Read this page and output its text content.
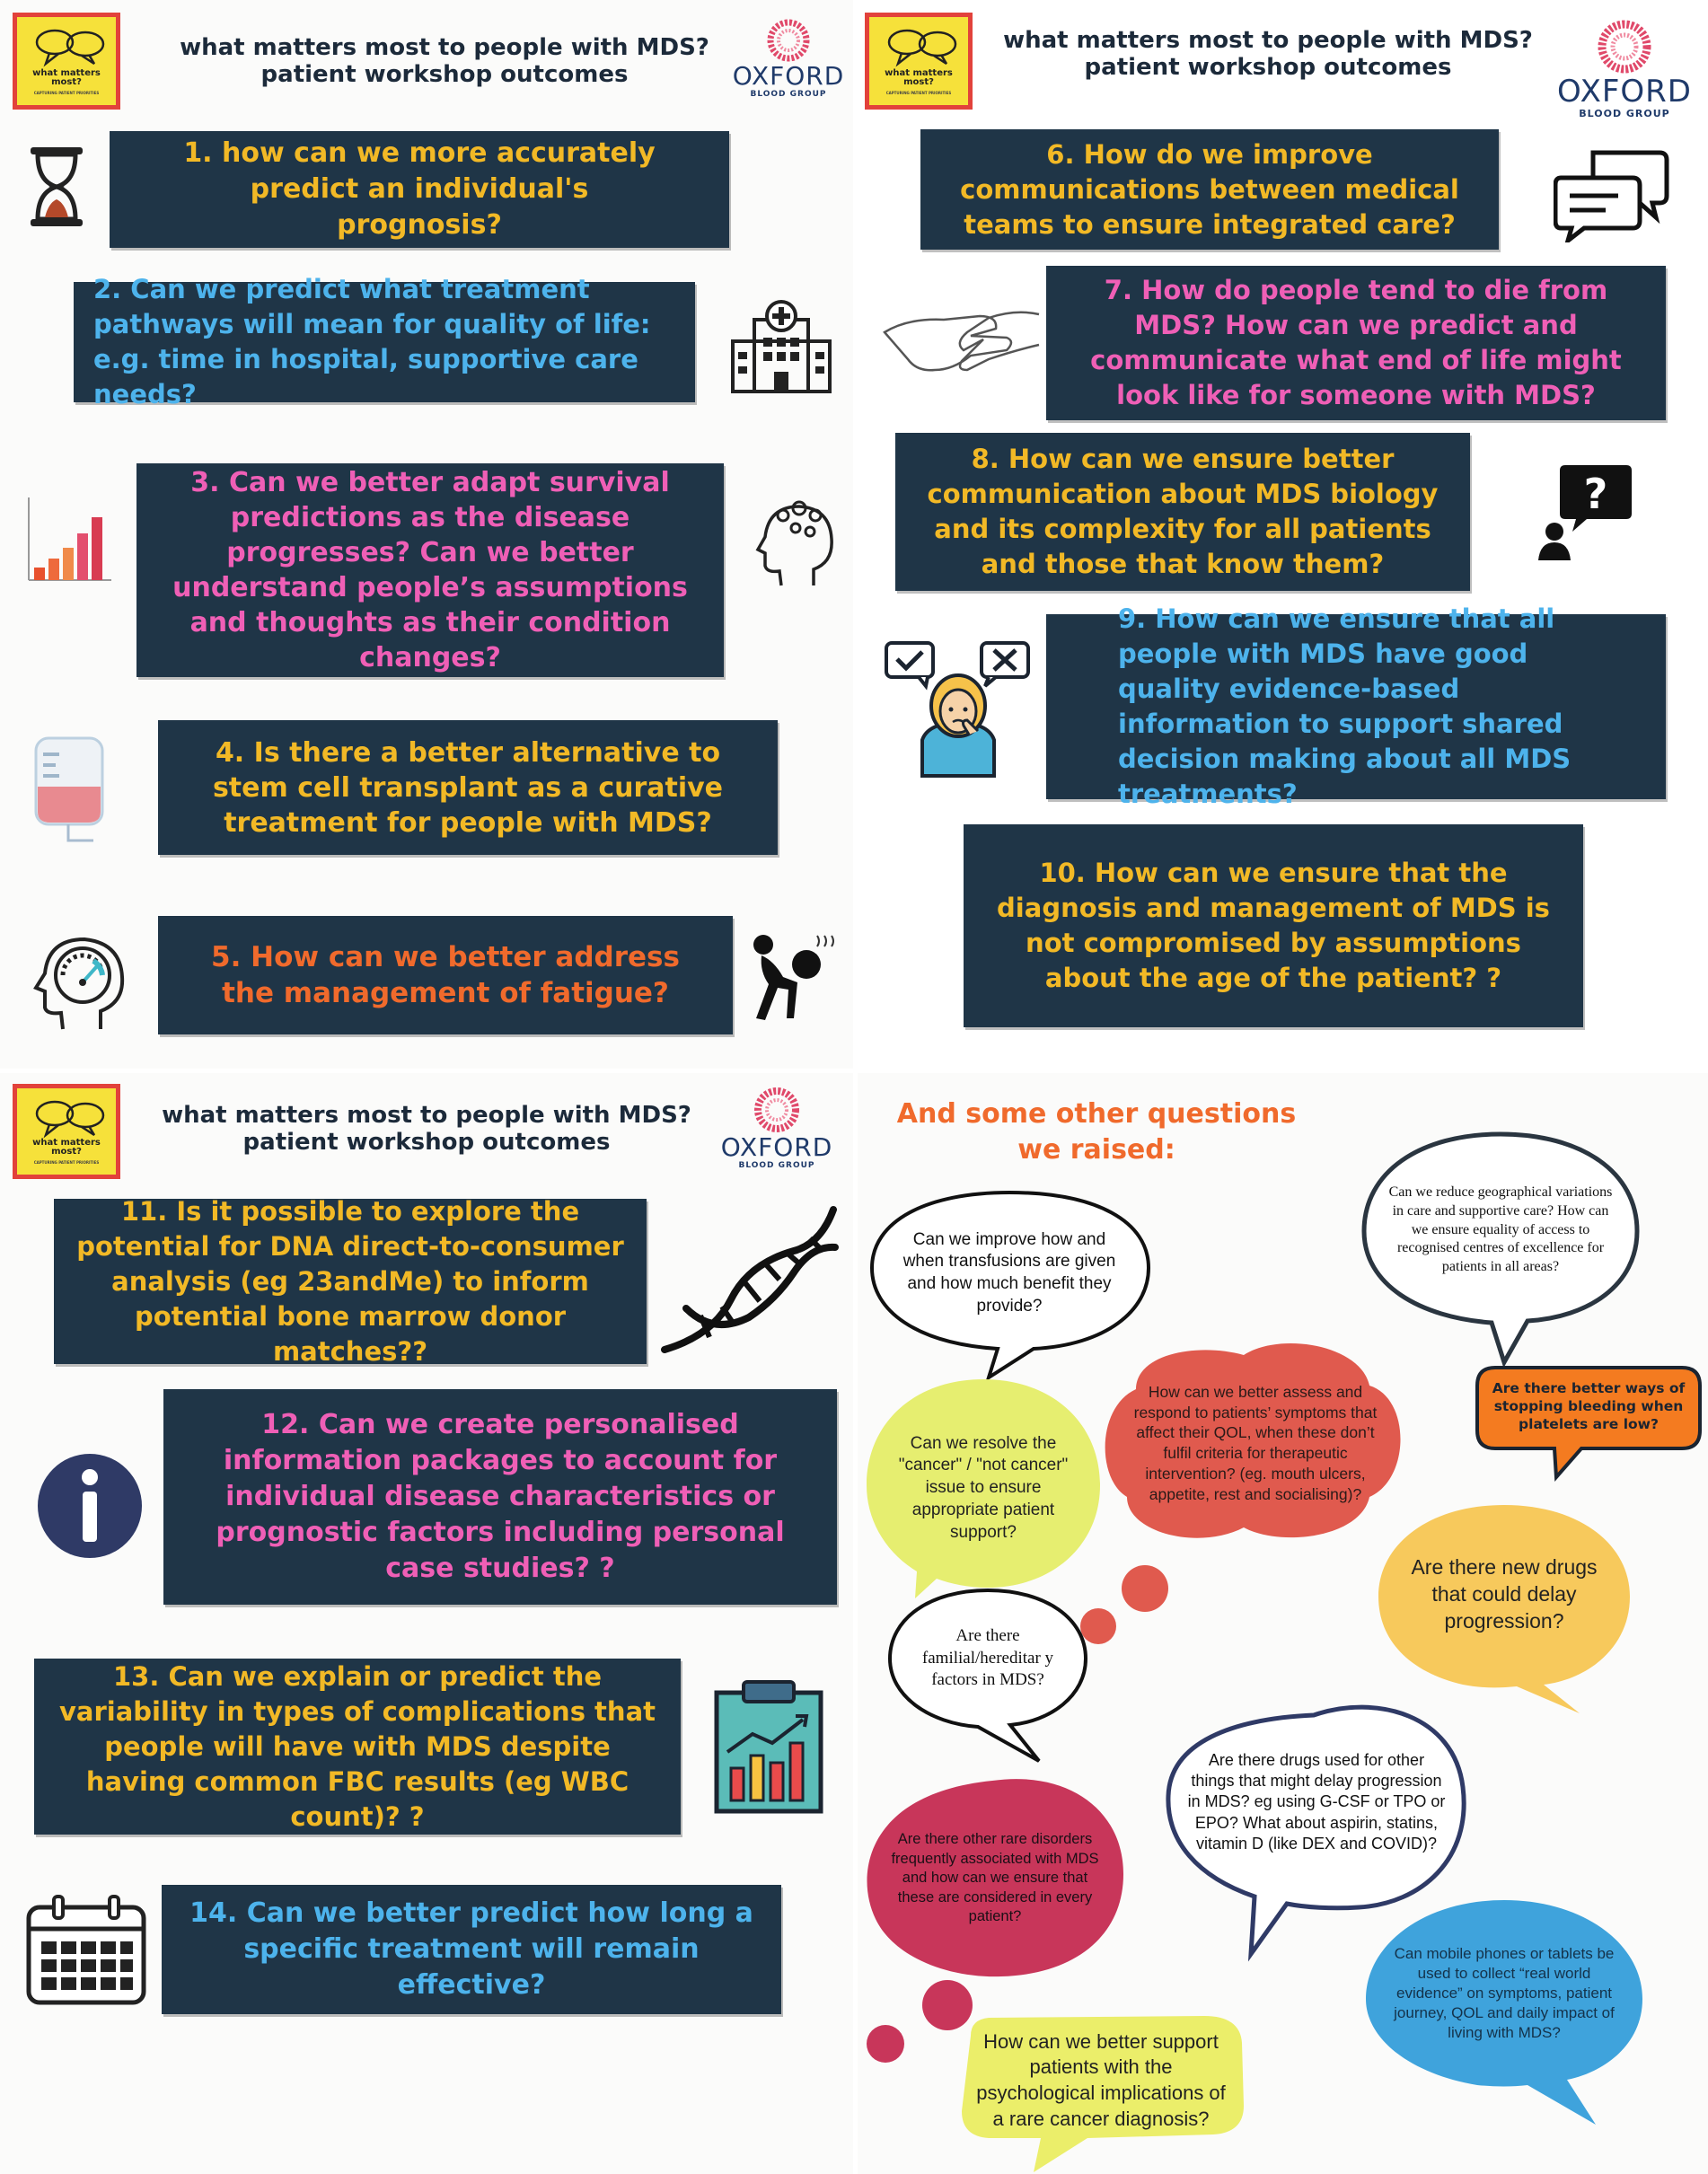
what matters
most?
CAPTURING PATIENT PRIORITIES
what matters most to people with MDS?
patient workshop outcomes	OXFORD
BLOOD GROUP
1. how can we more accurately predict an individual's prognosis?
2. Can we predict what treatment pathways will mean for quality of life: e.g. time in hospital, supportive care needs?
3. Can we better adapt survival predictions as the disease progresses? Can we better understand people’s assumptions and thoughts as their condition changes?
4. Is there a better alternative to stem cell transplant as a curative treatment for people with MDS?
5. How can we better address the management of fatigue?
what matters
most?
CAPTURING PATIENT PRIORITIES
what matters most to people with MDS?
patient workshop outcomes
OXFORD
BLOOD GROUP
6. How do we improve communications between medical teams to ensure integrated care?
7. How do people tend to die from MDS? How can we predict and communicate what end of life might look like for someone with MDS?
8. How can we ensure better communication about MDS biology and its complexity for all patients and those that know them?
?
9. How can we ensure that all people with MDS have good quality evidence-based information to support shared decision making about all MDS treatments?
10. How can we ensure that the diagnosis and management of MDS is not compromised by assumptions about the age of the patient? ?
what matters
most?
CAPTURING PATIENT PRIORITIES
what matters most to people with MDS?
patient workshop outcomes	OXFORD
BLOOD GROUP
11. Is it possible to explore the potential for DNA direct-to-consumer analysis (eg 23andMe) to inform potential bone marrow donor matches??
12. Can we create personalised information packages to account for individual disease characteristics or prognostic factors including personal case studies? ?
13. Can we explain or predict the variability in types of complications that people will have with MDS despite having common FBC results (eg WBC count)? ?
14. Can we better predict how long a specific treatment will remain effective?
And some other questions we raised:
Can we improve how and when transfusions are given and how much benefit they provide?
Can we reduce geographical variations in care and supportive care? How can we ensure equality of access to recognised centres of excellence for patients in all areas?
How can we better assess and respond to patients’ symptoms that affect their QOL, when these don’t fulfil criteria for therapeutic intervention? (eg. mouth ulcers, appetite, rest and socialising)?
Are there better ways of stopping bleeding when platelets are low?
Can we resolve the "cancer" / "not cancer" issue to ensure appropriate patient support?
Are there new drugs that could delay progression?
Are there familial/hereditar y factors in MDS?
Are there drugs used for other things that might delay progression in MDS? eg using G-CSF or TPO or EPO? What about aspirin, statins, vitamin D (like DEX and COVID)?
Are there other rare disorders frequently associated with MDS and how can we ensure that these are considered in every patient?
Can mobile phones or tablets be used to collect “real world evidence” on symptoms, patient journey, QOL and daily impact of living with MDS?
How can we better support patients with the psychological implications of a rare cancer diagnosis?
